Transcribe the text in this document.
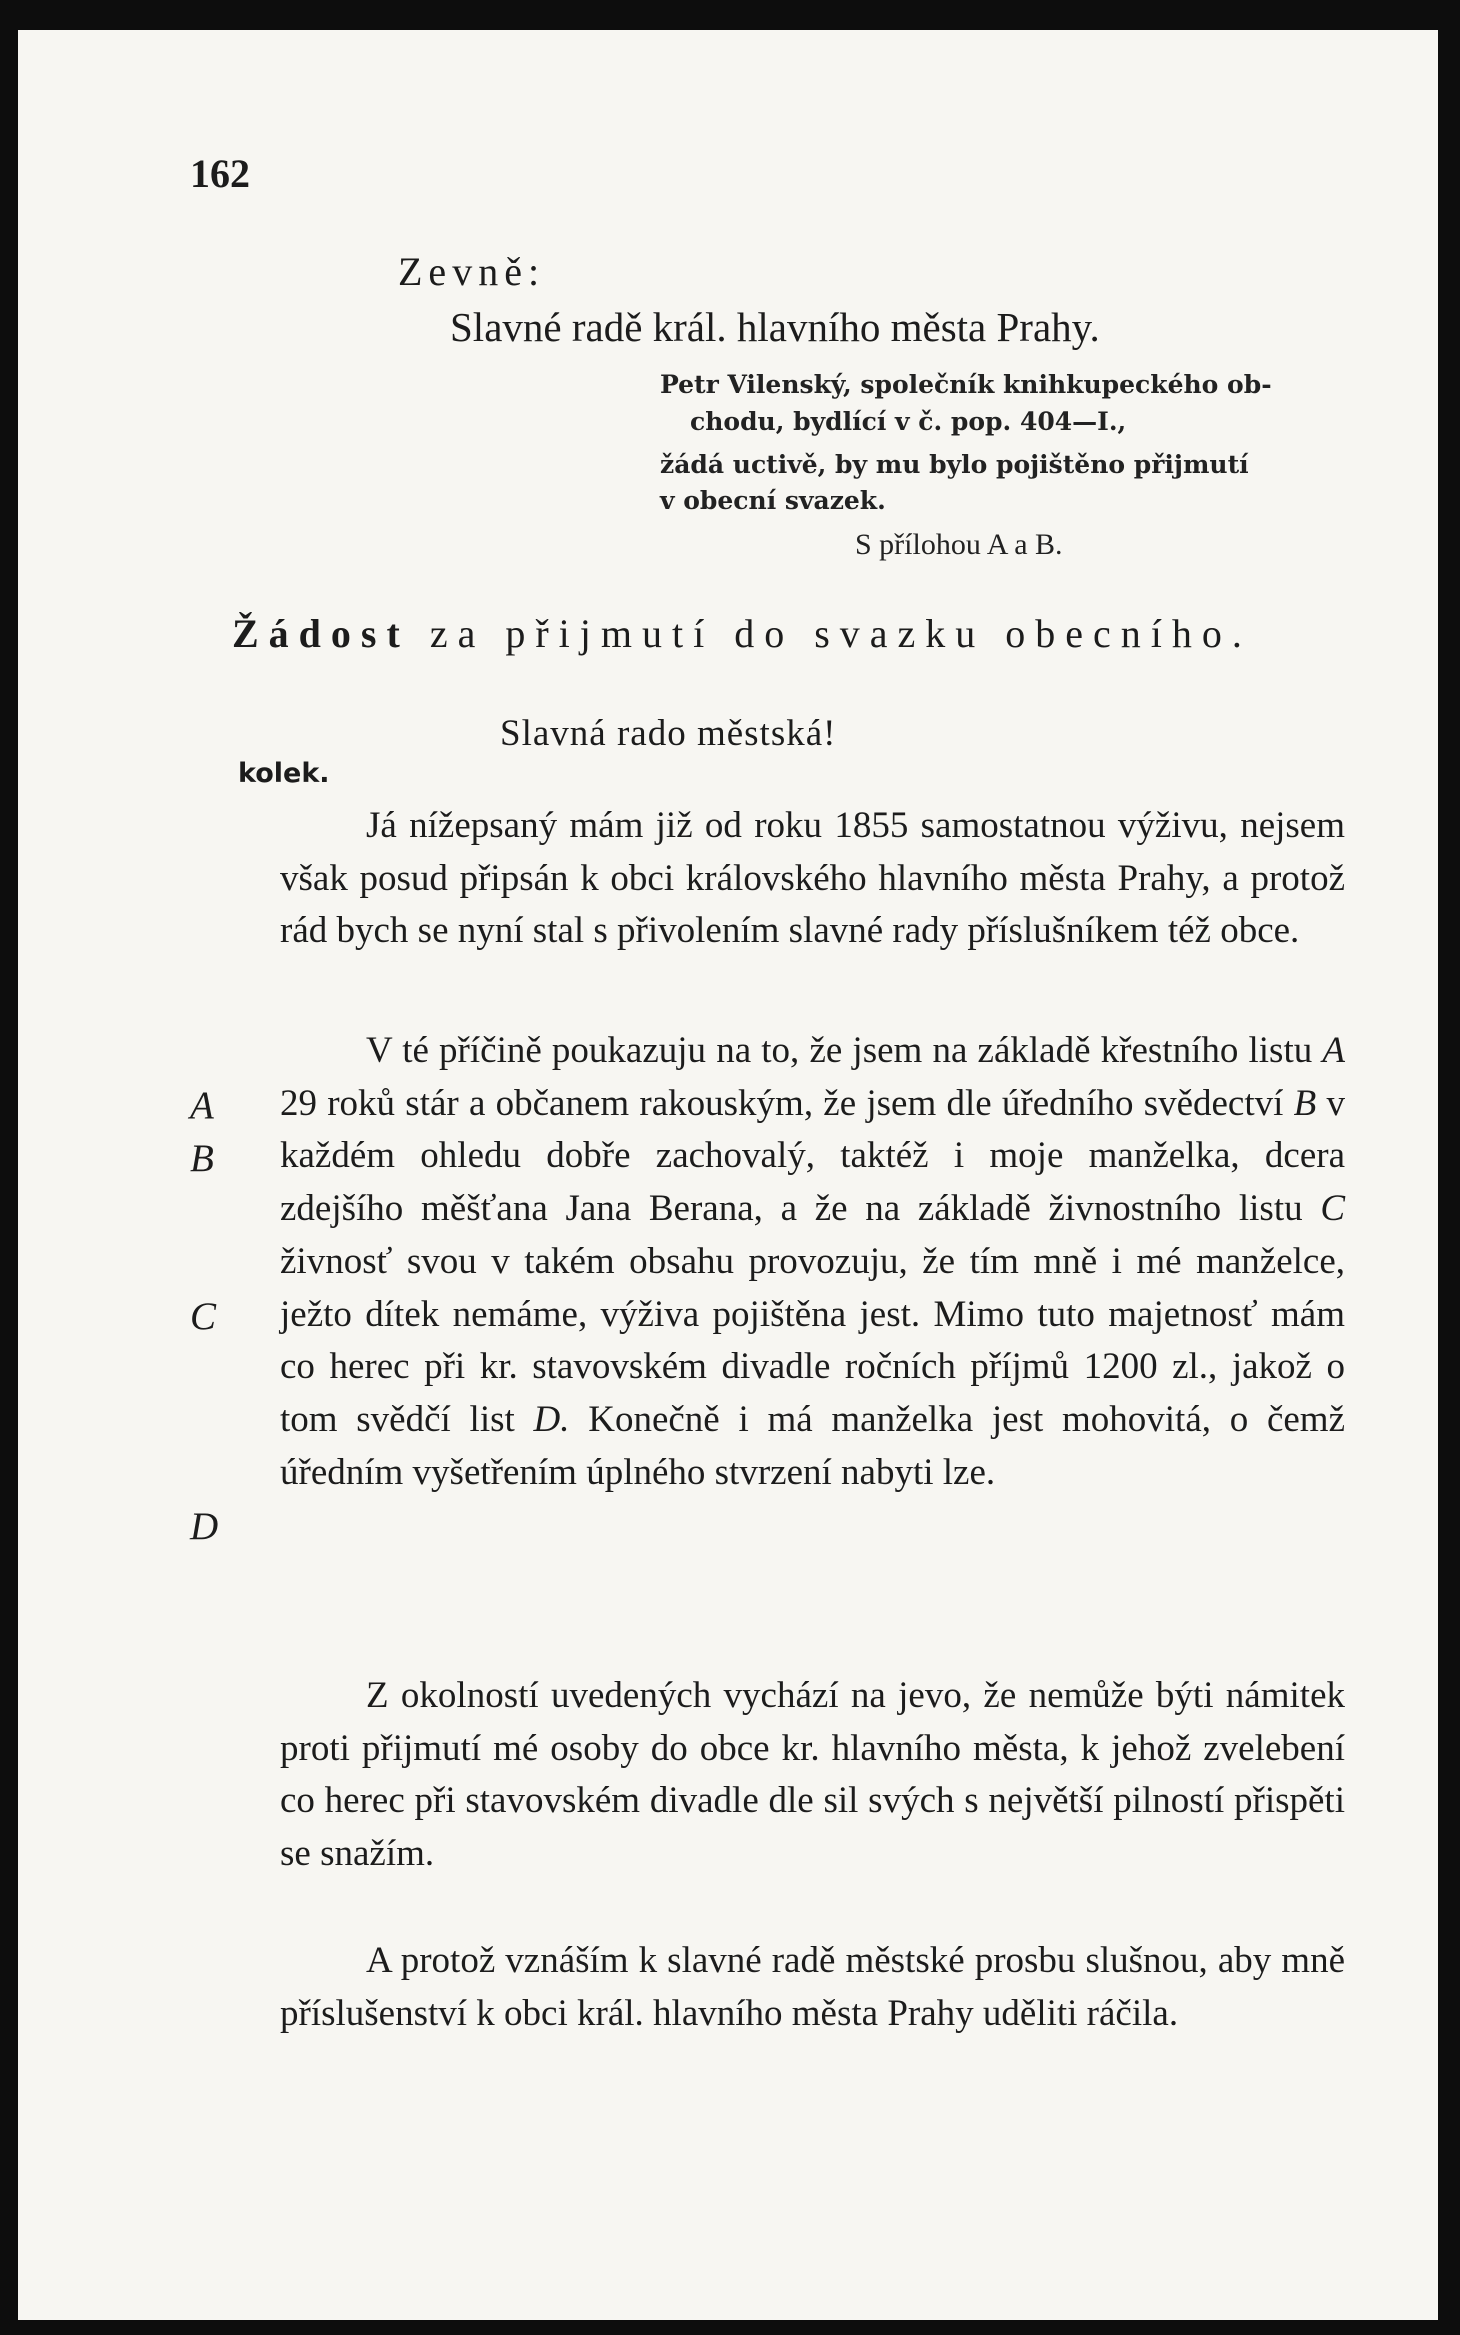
162
Zevně:
Slavné radě král. hlavního města Prahy.
Petr Vilenský, společník knihkupeckého ob-
chodu, bydlící v č. pop. 404—I.,
žádá uctivě, by mu bylo pojištěno přijmutí
v obecní svazek.
S přílohou A a B.
Žádost za přijmutí do svazku obecního.
Slavná rado městská!
kolek.
Já nížepsaný mám již od roku 1855 samostatnou výživu, nejsem však posud připsán k obci královského hlavního města Prahy, a protož rád bych se nyní stal s přivolením slavné rady příslušníkem též obce.
V té příčině poukazuju na to, že jsem na základě křestního listu A 29 roků stár a občanem rakouským, že jsem dle úředního svědectví B v každém ohledu dobře zachovalý, taktéž i moje manželka, dcera zdejšího měšťana Jana Berana, a že na základě živnostního listu C živnosť svou v takém obsahu provozuju, že tím mně i mé manželce, ježto dítek nemáme, výživa pojištěna jest. Mimo tuto majetnosť mám co herec při kr. stavovském divadle ročních příjmů 1200 zl., jakož o tom svědčí list D. Konečně i má manželka jest mohovitá, o čemž úředním vyšetřením úplného stvrzení nabyti lze.
A
B
C
D
Z okolností uvedených vychází na jevo, že nemůže býti námitek proti přijmutí mé osoby do obce kr. hlavního města, k jehož zvelebení co herec při stavovském divadle dle sil svých s největší pilností přispěti se snažím.
A protož vznáším k slavné radě městské prosbu slušnou, aby mně příslušenství k obci král. hlavního města Prahy uděliti ráčila.
